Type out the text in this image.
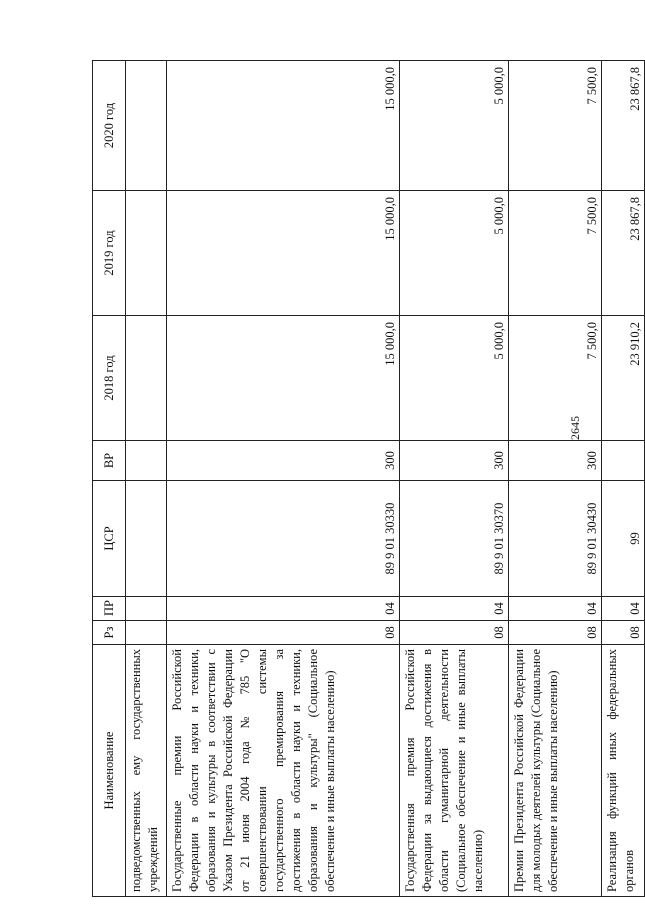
2645
Наименование	Рз	ПР	ЦСР	ВР	2018 год	2019 год	2020 год
подведомственных ему государственных учреждений							
Государственные премии Российской Федерации в области науки и техники, образования и культуры в соответствии с Указом Президента Российской Федерации от 21 июня 2004 года № 785 "О совершенствовании системы государственного премирования за достижения в области науки и техники, образования и культуры" (Социальное обеспечение и иные выплаты населению)	08	04	89 9 01 30330	300	15 000,0	15 000,0	15 000,0
Государственная премия Российской Федерации за выдающиеся достижения в области гуманитарной деятельности (Социальное обеспечение и иные выплаты населению)	08	04	89 9 01 30370	300	5 000,0	5 000,0	5 000,0
Премии Президента Российской Федерации для молодых деятелей культуры (Социальное обеспечение и иные выплаты населению)	08	04	89 9 01 30430	300	7 500,0	7 500,0	7 500,0
Реализация функций иных федеральных органов	08	04	99		23 910,2	23 867,8	23 867,8
